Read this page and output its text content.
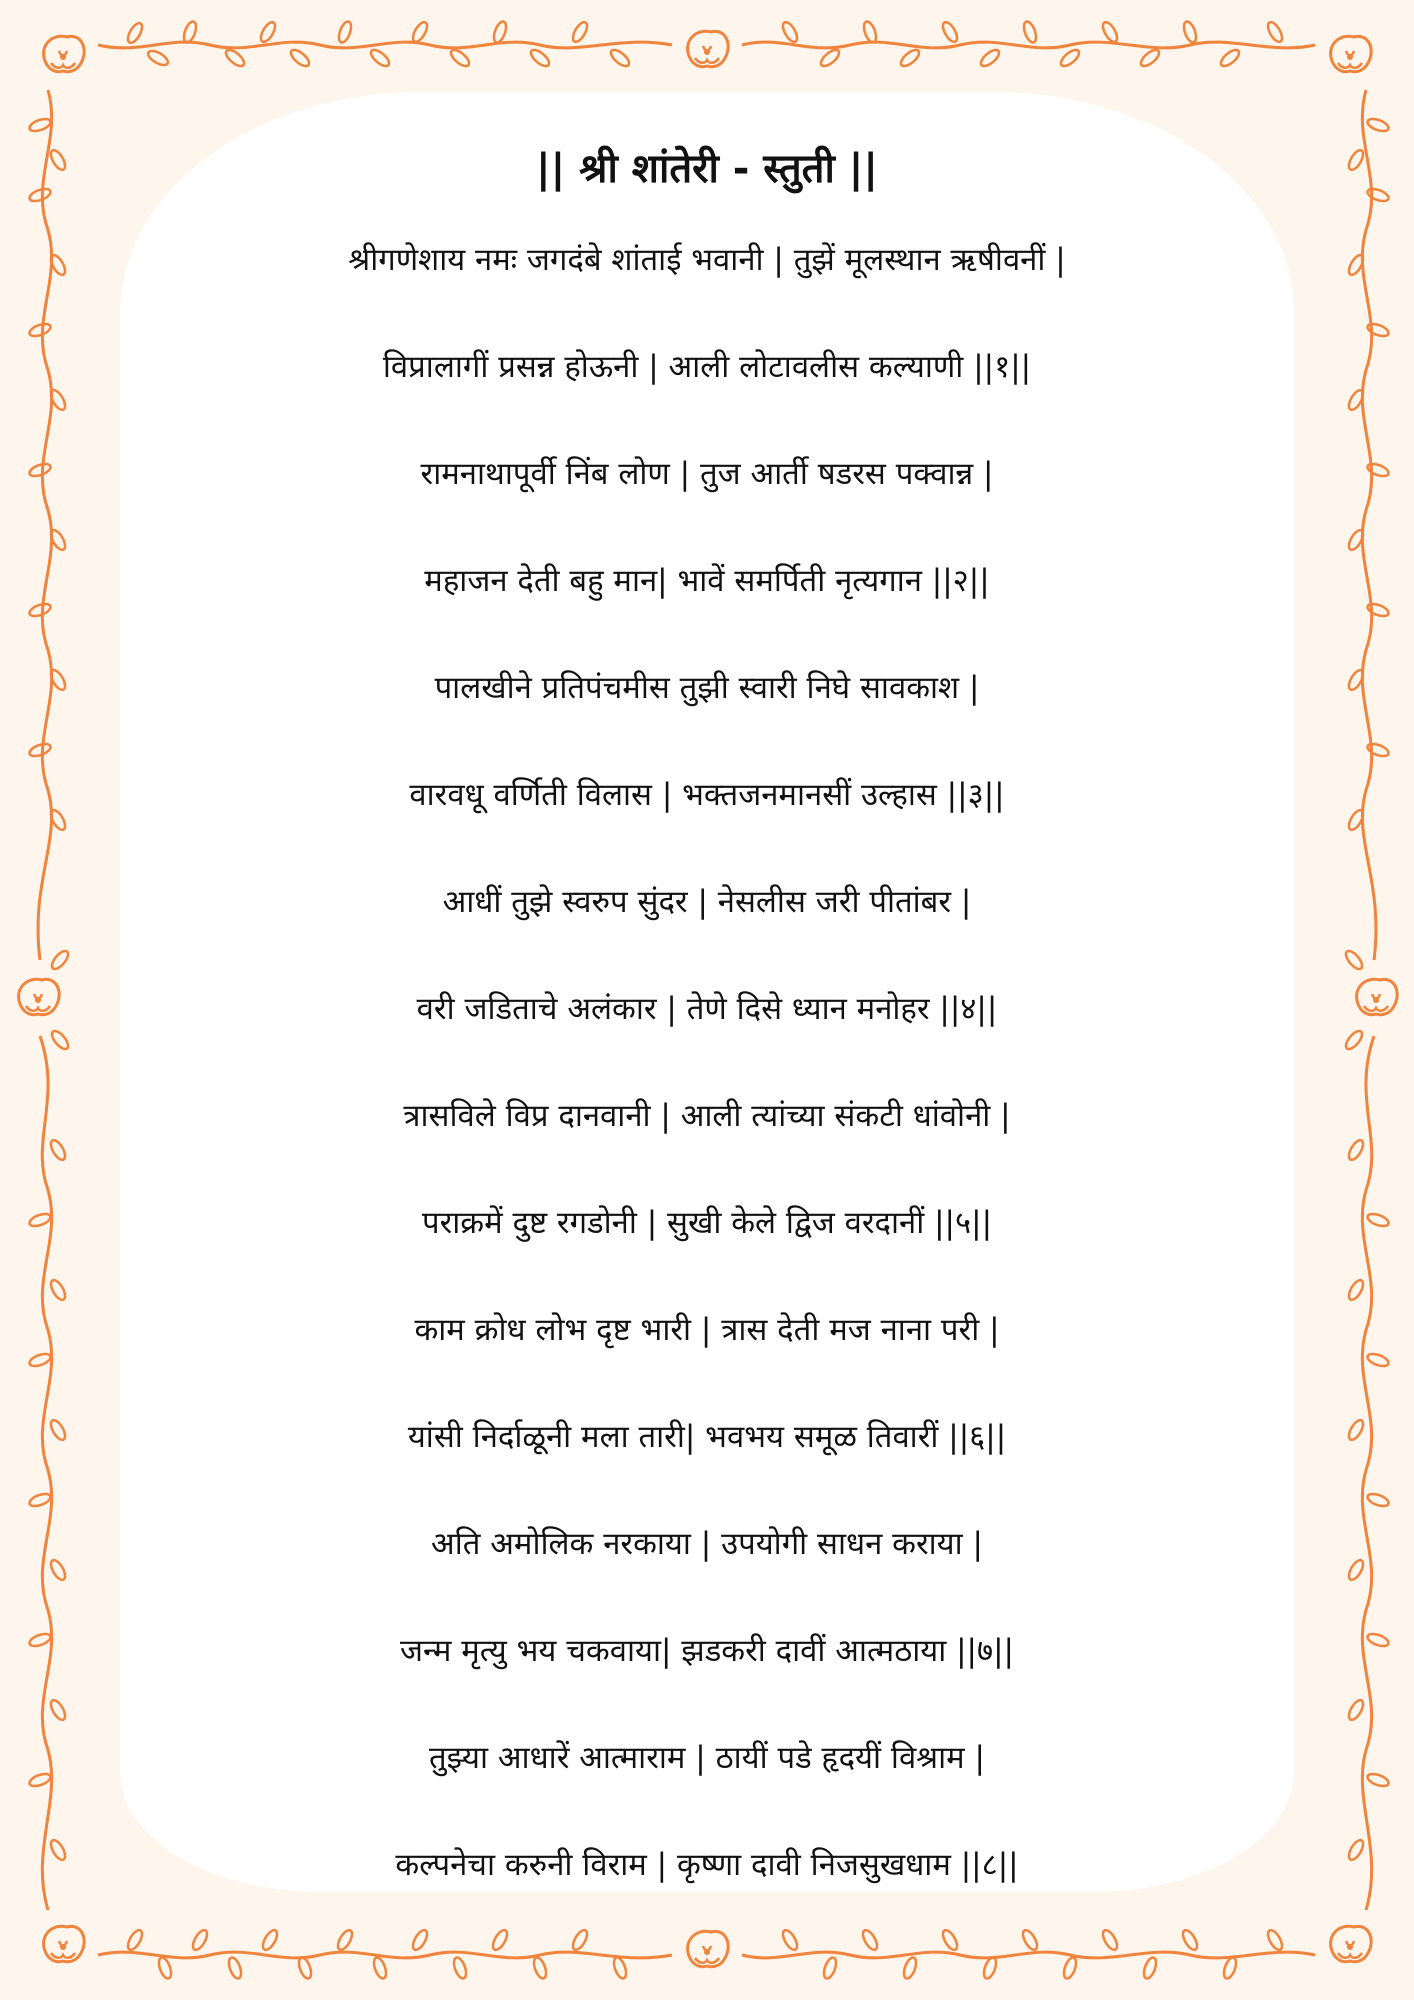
|| श्री शांतेरी - स्तुती ||
श्रीगणेशाय नमः जगदंबे शांताई भवानी | तुझें मूलस्थान ऋषीवनीं |
विप्रालागीं प्रसन्न होऊनी | आली लोटावलीस कल्याणी ||१||
रामनाथापूर्वी निंब लोण | तुज आर्ती षडरस पक्वान्न |
महाजन देती बहु मान| भावें समर्पिती नृत्यगान ||२||
पालखीने प्रतिपंचमीस तुझी स्वारी निघे सावकाश |
वारवधू वर्णिती विलास | भक्तजनमानसीं उल्हास ||३||
आधीं तुझे स्वरुप सुंदर | नेसलीस जरी पीतांबर |
वरी जडिताचे अलंकार | तेणे दिसे ध्यान मनोहर ||४||
त्रासविले विप्र दानवानी | आली त्यांच्या संकटी धांवोनी |
पराक्रमें दुष्ट रगडोनी | सुखी केले द्विज वरदानीं ||५||
काम क्रोध लोभ दृष्ट भारी | त्रास देती मज नाना परी |
यांसी निर्दाळूनी मला तारी| भवभय समूळ तिवारीं ||६||
अति अमोलिक नरकाया | उपयोगी साधन कराया |
जन्म मृत्यु भय चकवाया| झडकरी दावीं आत्मठाया ||७||
तुझ्या आधारें आत्माराम | ठायीं पडे हृदयीं विश्राम |
कल्पनेचा करुनी विराम | कृष्णा दावी निजसुखधाम ||८||
